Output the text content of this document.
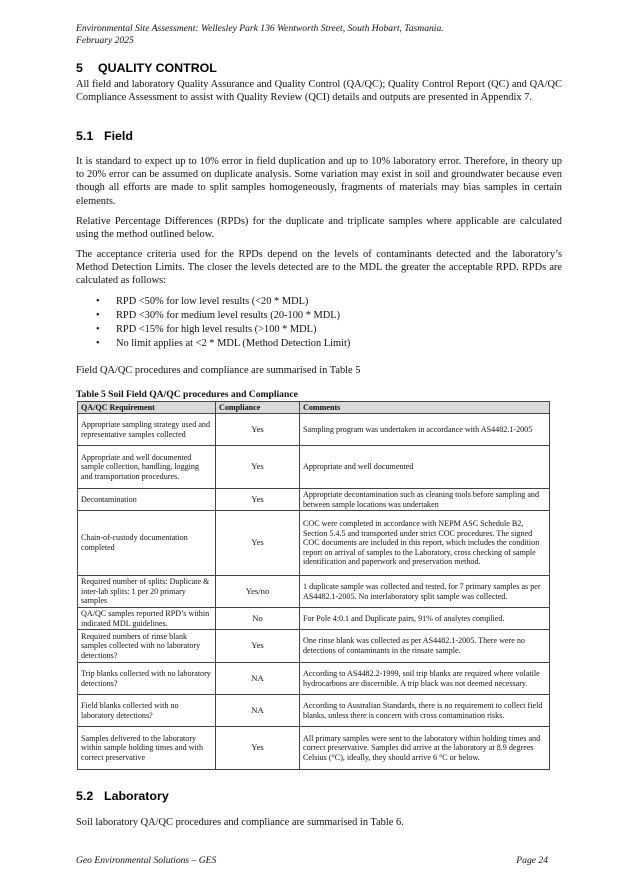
Environmental Site Assessment: Wellesley Park 136 Wentworth Street, South Hobart, Tasmania.
February 2025
5 QUALITY CONTROL
All field and laboratory Quality Assurance and Quality Control (QA/QC); Quality Control Report (QC) and QA/QC Compliance Assessment to assist with Quality Review (QCI) details and outputs are presented in Appendix 7.
5.1 Field
It is standard to expect up to 10% error in field duplication and up to 10% laboratory error. Therefore, in theory up to 20% error can be assumed on duplicate analysis. Some variation may exist in soil and groundwater because even though all efforts are made to split samples homogeneously, fragments of materials may bias samples in certain elements.
Relative Percentage Differences (RPDs) for the duplicate and triplicate samples where applicable are calculated using the method outlined below.
The acceptance criteria used for the RPDs depend on the levels of contaminants detected and the laboratory’s Method Detection Limits. The closer the levels detected are to the MDL the greater the acceptable RPD. RPDs are calculated as follows:
• RPD <50% for low level results (<20 * MDL)
• RPD <30% for medium level results (20-100 * MDL)
• RPD <15% for high level results (>100 * MDL)
• No limit applies at <2 * MDL (Method Detection Limit)
Field QA/QC procedures and compliance are summarised in Table 5
Table 5 Soil Field QA/QC procedures and Compliance
QA/QC Requirement	Compliance	Comments
Appropriate sampling strategy used and representative samples collected	Yes	Sampling program was undertaken in accordance with AS4482.1-2005
Appropriate and well documented sample collection, handling, logging and transportation procedures.	Yes	Appropriate and well documented
Decontamination	Yes	Appropriate decontamination such as cleaning tools before sampling and between sample locations was undertaken
Chain-of-custody documentation completed	Yes	COC were completed in accordance with NEPM ASC Schedule B2, Section 5.4.5 and transported under strict COC procedures. The signed COC documents are included in this report, which includes the condition report on arrival of samples to the Laboratory, cross checking of sample identification and paperwork and preservation method.
Required number of splits: Duplicate & inter-lab splits: 1 per 20 primary samples	Yes/no	1 duplicate sample was collected and tested, for 7 primary samples as per AS4482.1-2005. No interlaboratory split sample was collected.
QA/QC samples reported RPD’s within indicated MDL guidelines.	No	For Pole 4:0.1 and Duplicate pairs, 91% of analytes complied.
Required numbers of rinse blank samples collected with no laboratory detections?	Yes	One rinse blank was collected as per AS4482.1-2005. There were no detections of contaminants in the rinsate sample.
Trip blanks collected with no laboratory detections?	NA	According to AS4482.2-1999, soil trip blanks are required where volatile hydrocarbons are discernible. A trip black was not deemed necessary.
Field blanks collected with no laboratory detections?	NA	According to Australian Standards, there is no requirement to collect field blanks, unless there is concern with cross contamination risks.
Samples delivered to the laboratory within sample holding times and with correct preservative	Yes	All primary samples were sent to the laboratory within holding times and correct preservative. Samples did arrive at the laboratory at 8.9 degrees Celsius (°C), ideally, they should arrive 6 °C or below.
5.2 Laboratory
Soil laboratory QA/QC procedures and compliance are summarised in Table 6.
Geo Environmental Solutions – GES	Page 24
